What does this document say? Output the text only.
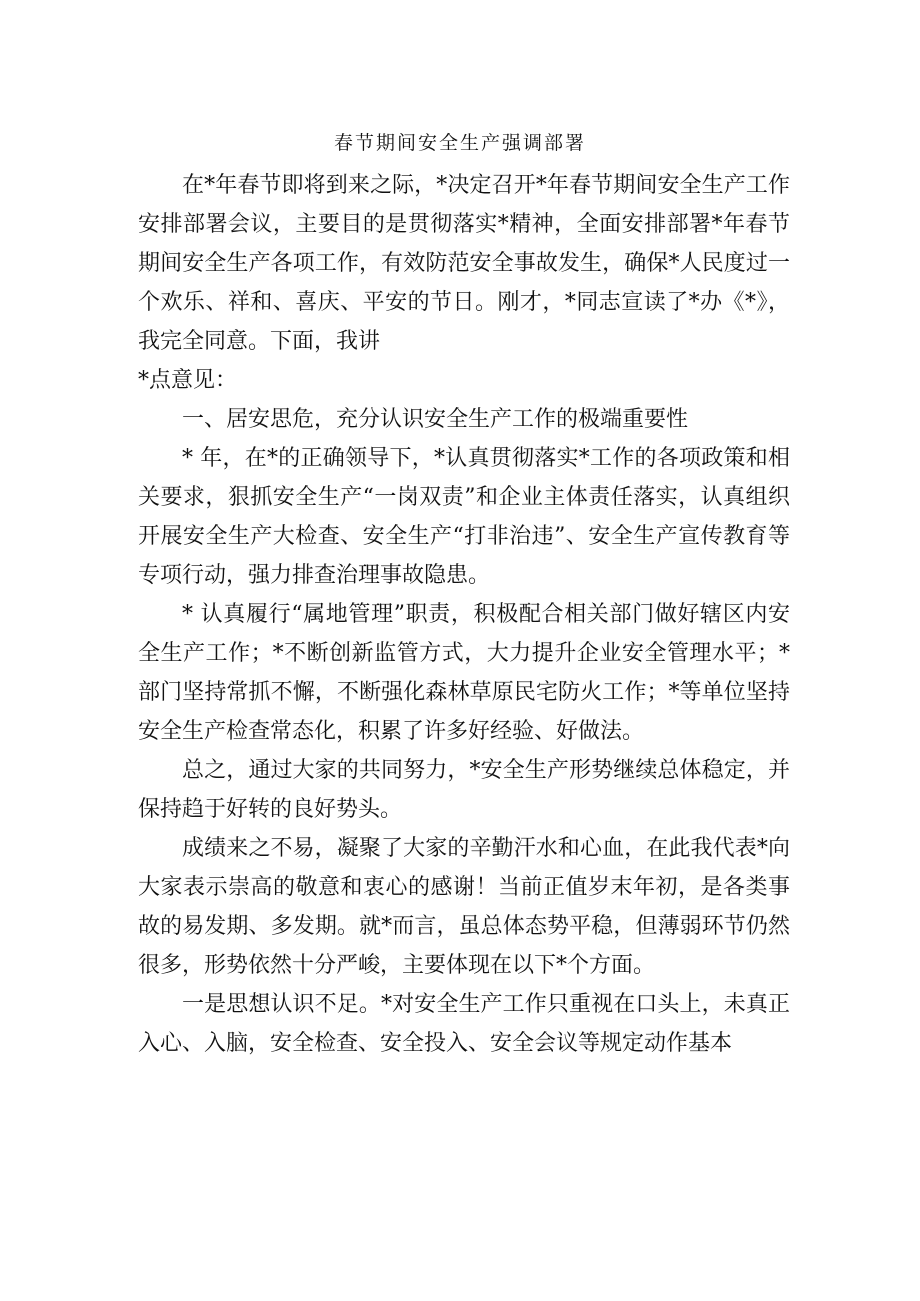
春节期间安全生产强调部署

在*年春节即将到来之际，*决定召开*年春节期间安全生产工作安排部署会议，主要目的是贯彻落实*精神，全面安排部署*年春节期间安全生产各项工作，有效防范安全事故发生，确保*人民度过一个欢乐、祥和、喜庆、平安的节日。刚才，*同志宣读了*办《*》，我完全同意。下面，我讲

*点意见：

一、居安思危，充分认识安全生产工作的极端重要性

* 年，在*的正确领导下，*认真贯彻落实*工作的各项政策和相关要求，狠抓安全生产“一岗双责”和企业主体责任落实，认真组织开展安全生产大检查、安全生产“打非治违”、安全生产宣传教育等专项行动，强力排查治理事故隐患。

* 认真履行“属地管理”职责，积极配合相关部门做好辖区内安全生产工作；*不断创新监管方式，大力提升企业安全管理水平；*部门坚持常抓不懈，不断强化森林草原民宅防火工作；*等单位坚持安全生产检查常态化，积累了许多好经验、好做法。

总之，通过大家的共同努力，*安全生产形势继续总体稳定，并保持趋于好转的良好势头。

成绩来之不易，凝聚了大家的辛勤汗水和心血，在此我代表*向大家表示崇高的敬意和衷心的感谢！当前正值岁末年初，是各类事故的易发期、多发期。就*而言，虽总体态势平稳，但薄弱环节仍然很多，形势依然十分严峻，主要体现在以下*个方面。

一是思想认识不足。*对安全生产工作只重视在口头上，未真正入心、入脑，安全检查、安全投入、安全会议等规定动作基本
